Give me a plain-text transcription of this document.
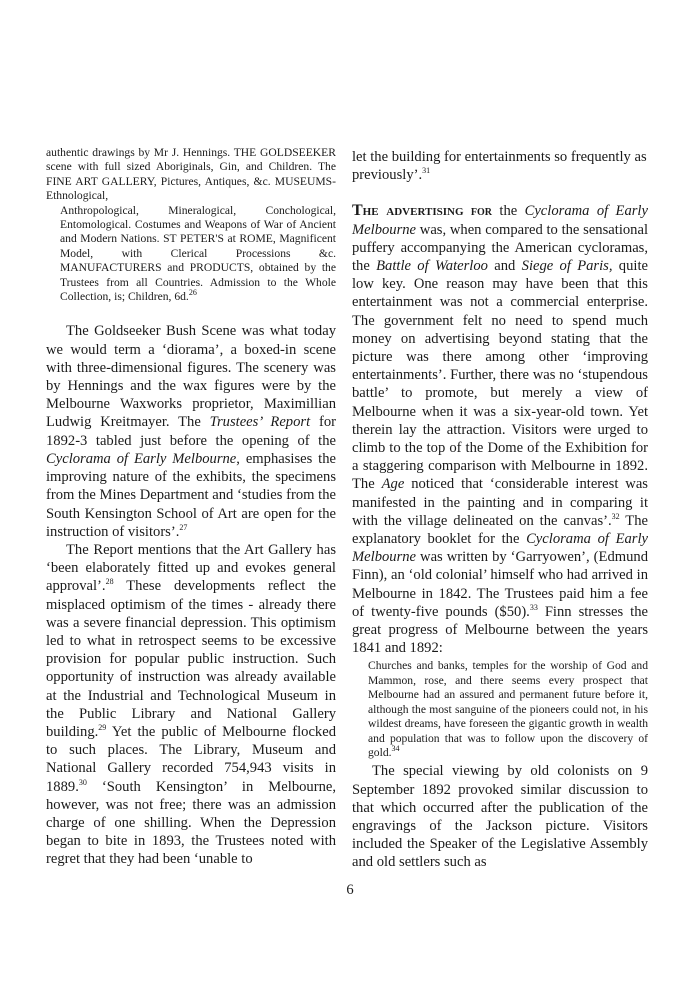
authentic drawings by Mr J. Hennings. THE GOLDSEEKER scene with full sized Aboriginals, Gin, and Children. The FINE ART GALLERY, Pictures, Antiques, &c. MUSEUMS-Ethnological,

Anthropological, Mineralogical, Conchological, Entomological. Costumes and Weapons of War of Ancient and Modern Nations. ST PETER'S at ROME, Magnificent Model, with Clerical Processions &c. MANUFACTURERS and PRODUCTS, obtained by the Trustees from all Countries. Admission to the Whole Collection, is; Children, 6d.$^{26}$

The Goldseeker Bush Scene was what today we would term a ‘diorama’, a boxed-in scene with three-dimensional figures. The scenery was by Hennings and the wax figures were by the Melbourne Waxworks proprietor, Maximillian Ludwig Kreitmayer. The Trustees’ Report for 1892-3 tabled just before the opening of the Cyclorama of Early Melbourne, emphasises the improving nature of the exhibits, the specimens from the Mines Department and ‘studies from the South Kensington School of Art are open for the instruction of visitors’.$^{27}$

The Report mentions that the Art Gallery has ‘been elaborately fitted up and evokes general approval’.$^{28}$ These developments reflect the misplaced optimism of the times - already there was a severe financial depression. This optimism led to what in retrospect seems to be excessive provision for popular public instruction. Such opportunity of instruction was already available at the Industrial and Technological Museum in the Public Library and National Gallery building.$^{29}$ Yet the public of Melbourne flocked to such places. The Library, Museum and National Gallery recorded 754,943 visits in 1889.30 ‘South Kensington’ in Melbourne, however, was not free; there was an admission charge of one shilling. When the Depression began to bite in 1893, the Trustees noted with regret that they had been ‘unable to

let the building for entertainments so frequently as previously’.$^{31}$

The advertising for the Cyclorama of Early Melbourne was, when compared to the sensational puffery accompanying the American cycloramas, the Battle of Waterloo and Siege of Paris, quite low key. One reason may have been that this entertainment was not a commercial enterprise. The government felt no need to spend much money on advertising beyond stating that the picture was there among other ‘improving entertainments’. Further, there was no ‘stupendous battle’ to promote, but merely a view of Melbourne when it was a six-year-old town. Yet therein lay the attraction. Visitors were urged to climb to the top of the Dome of the Exhibition for a staggering comparison with Melbourne in 1892. The Age noticed that ‘considerable interest was manifested in the painting and in comparing it with the village delineated on the canvas’.$^{32}$ The explanatory booklet for the Cyclorama of Early Melbourne was written by ‘Garryowen’, (Edmund Finn), an ‘old colonial’ himself who had arrived in Melbourne in 1842. The Trustees paid him a fee of twenty-five pounds ($50).$^{33}$ Finn stresses the great progress of Melbourne between the years 1841 and 1892:

Churches and banks, temples for the worship of God and Mammon, rose, and there seems every prospect that Melbourne had an assured and permanent future before it, although the most sanguine of the pioneers could not, in his wildest dreams, have foreseen the gigantic growth in wealth and population that was to follow upon the discovery of gold.$^{34}$

The special viewing by old colonists on 9 September 1892 provoked similar discussion to that which occurred after the publication of the engravings of the Jackson picture. Visitors included the Speaker of the Legislative Assembly and old settlers such as

6
